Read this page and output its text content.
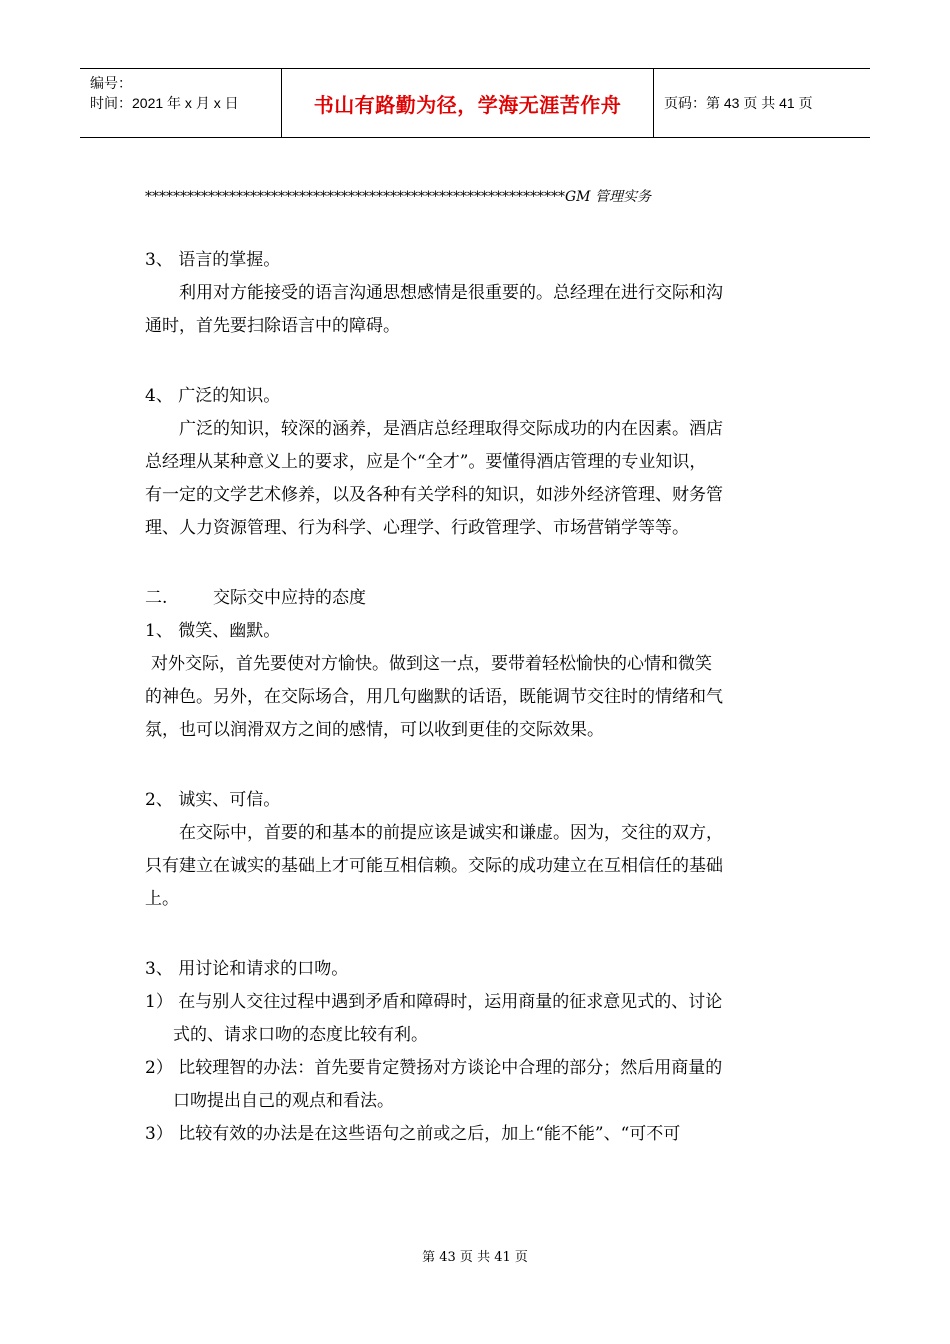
编号：
时间：2021 年 x 月 x 日	书山有路勤为径，学海无涯苦作舟	页码：第 43 页 共 41 页
************************************************************GM 管理实务
3、 语言的掌握。
利用对方能接受的语言沟通思想感情是很重要的。总经理在进行交际和沟
通时，首先要扫除语言中的障碍。
4、 广泛的知识。
广泛的知识，较深的涵养，是酒店总经理取得交际成功的内在因素。酒店
总经理从某种意义上的要求，应是个“全才”。要懂得酒店管理的专业知识，
有一定的文学艺术修养，以及各种有关学科的知识，如涉外经济管理、财务管
理、人力资源管理、行为科学、心理学、行政管理学、市场营销学等等。
二.	交际交中应持的态度
1、 微笑、幽默。
对外交际，首先要使对方愉快。做到这一点，要带着轻松愉快的心情和微笑
的神色。另外，在交际场合，用几句幽默的话语，既能调节交往时的情绪和气
氛，也可以润滑双方之间的感情，可以收到更佳的交际效果。
2、 诚实、可信。
在交际中，首要的和基本的前提应该是诚实和谦虚。因为，交往的双方，
只有建立在诚实的基础上才可能互相信赖。交际的成功建立在互相信任的基础
上。
3、 用讨论和请求的口吻。
1） 在与别人交往过程中遇到矛盾和障碍时，运用商量的征求意见式的、讨论
式的、请求口吻的态度比较有利。
2） 比较理智的办法：首先要肯定赞扬对方谈论中合理的部分；然后用商量的
口吻提出自己的观点和看法。
3） 比较有效的办法是在这些语句之前或之后，加上“能不能”、“可不可
第 43 页 共 41 页
